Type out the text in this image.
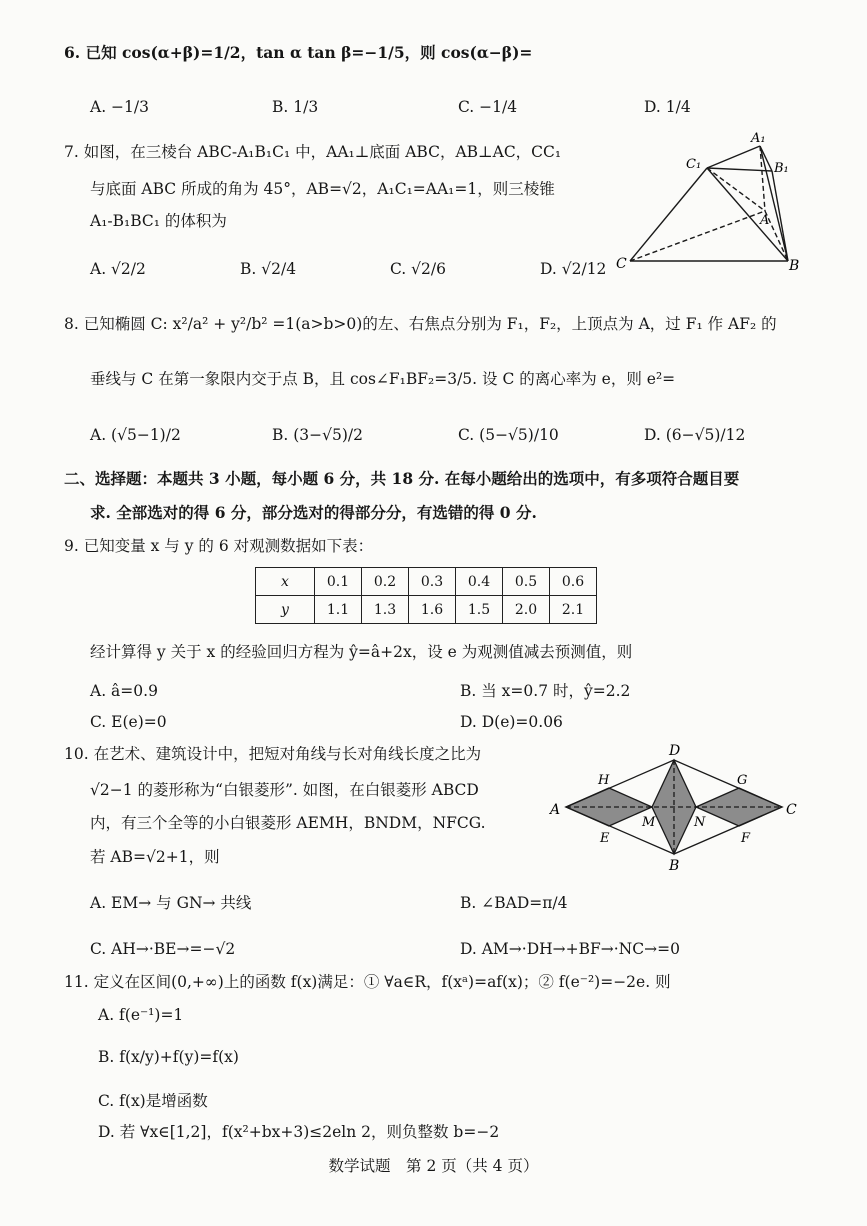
6. 已知 cos(α+β)=1/2，tan α tan β=−1/5，则 cos(α−β)=
A. −1/3	B. 1/3	C. −1/4	D. 1/4
7. 如图，在三棱台 ABC-A₁B₁C₁ 中，AA₁⊥底面 ABC，AB⊥AC，CC₁
与底面 ABC 所成的角为 45°，AB=√2，A₁C₁=AA₁=1，则三棱锥
A₁-B₁BC₁ 的体积为
A. √2/2	B. √2/4	C. √2/6	D. √2/12
A₁
B₁
C₁
A
B
C
8. 已知椭圆 C: x²/a² + y²/b² =1(a>b>0)的左、右焦点分别为 F₁，F₂，上顶点为 A，过 F₁ 作 AF₂ 的
垂线与 C 在第一象限内交于点 B，且 cos∠F₁BF₂=3/5. 设 C 的离心率为 e，则 e²=
A. (√5−1)/2	B. (3−√5)/2	C. (5−√5)/10	D. (6−√5)/12
二、选择题：本题共 3 小题，每小题 6 分，共 18 分. 在每小题给出的选项中，有多项符合题目要
求. 全部选对的得 6 分，部分选对的得部分分，有选错的得 0 分.
9. 已知变量 x 与 y 的 6 对观测数据如下表：
x	0.1	0.2	0.3	0.4	0.5	0.6
y	1.1	1.3	1.6	1.5	2.0	2.1
经计算得 y 关于 x 的经验回归方程为 ŷ=â+2x，设 e 为观测值减去预测值，则
A. â=0.9	B. 当 x=0.7 时，ŷ=2.2
C. E(e)=0	D. D(e)=0.06
10. 在艺术、建筑设计中，把短对角线与长对角线长度之比为
√2−1 的菱形称为“白银菱形”. 如图，在白银菱形 ABCD
内，有三个全等的小白银菱形 AEMH，BNDM，NFCG.
若 AB=√2+1，则
A. EM→ 与 GN→ 共线	B. ∠BAD=π/4
C. AH→·BE→=−√2	D. AM→·DH→+BF→·NC→=0
A
B
C
D
E	F
G
H
M	N
11. 定义在区间(0,+∞)上的函数 f(x)满足：① ∀a∈R，f(xᵃ)=af(x)；② f(e⁻²)=−2e. 则
A. f(e⁻¹)=1
B. f(x/y)+f(y)=f(x)
C. f(x)是增函数
D. 若 ∀x∈[1,2]，f(x²+bx+3)≤2eln 2，则负整数 b=−2
数学试题　第 2 页（共 4 页）
